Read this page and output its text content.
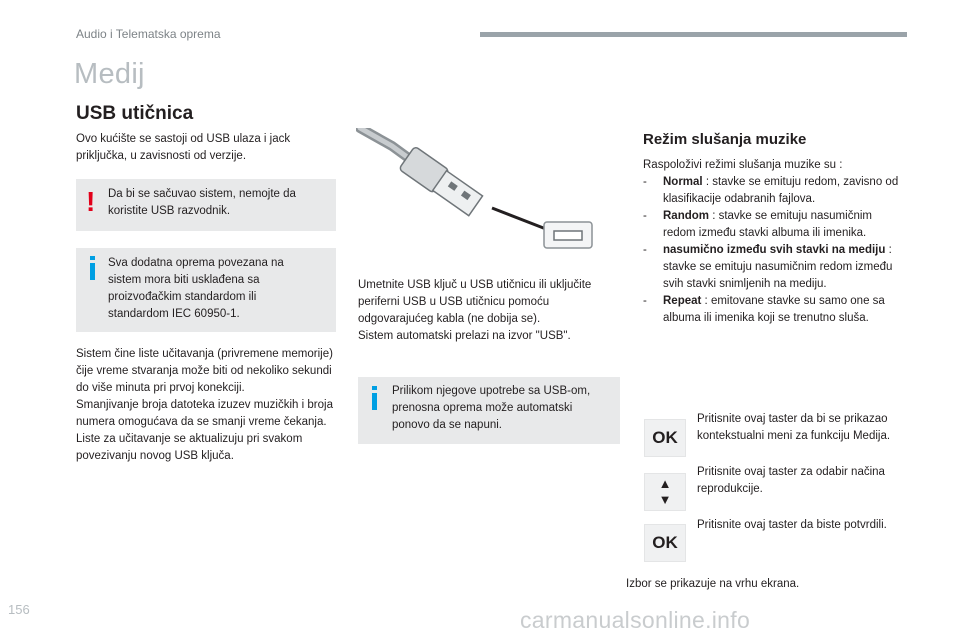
Audio i Telematska oprema
Medij
USB utičnica
Ovo kućište se sastoji od USB ulaza i jack priključka, u zavisnosti od verzije.
! Da bi se sačuvao sistem, nemojte da koristite USB razvodnik.
Sva dodatna oprema povezana na sistem mora biti usklađena sa proizvođačkim standardom ili standardom IEC 60950-1.
Sistem čine liste učitavanja (privremene memorije) čije vreme stvaranja može biti od nekoliko sekundi do više minuta pri prvoj konekciji.
Smanjivanje broja datoteka izuzev muzičkih i broja numera omogućava da se smanji vreme čekanja. Liste za učitavanje se aktualizuju pri svakom povezivanju novog USB ključa.
Umetnite USB ključ u USB utičnicu ili uključite periferni USB u USB utičnicu pomoću odgovarajućeg kabla (ne dobija se).
Sistem automatski prelazi na izvor "USB".
Prilikom njegove upotrebe sa USB-om, prenosna oprema može automatski ponovo da se napuni.
Režim slušanja muzike
Raspoloživi režimi slušanja muzike su :
- Normal : stavke se emituju redom, zavisno od klasifikacije odabranih fajlova.
- Random : stavke se emituju nasumičnim redom između stavki albuma ili imenika.
- nasumično između svih stavki na mediju : stavke se emituju nasumičnim redom između svih stavki snimljenih na mediju.
- Repeat : emitovane stavke su samo one sa albuma ili imenika koji se trenutno sluša.
OK
Pritisnite ovaj taster da bi se prikazao kontekstualni meni za funkciju Medija.
▲
▼
Pritisnite ovaj taster za odabir načina reprodukcije.
OK
Pritisnite ovaj taster da biste potvrdili.
Izbor se prikazuje na vrhu ekrana.
156	carmanualsonline.info
